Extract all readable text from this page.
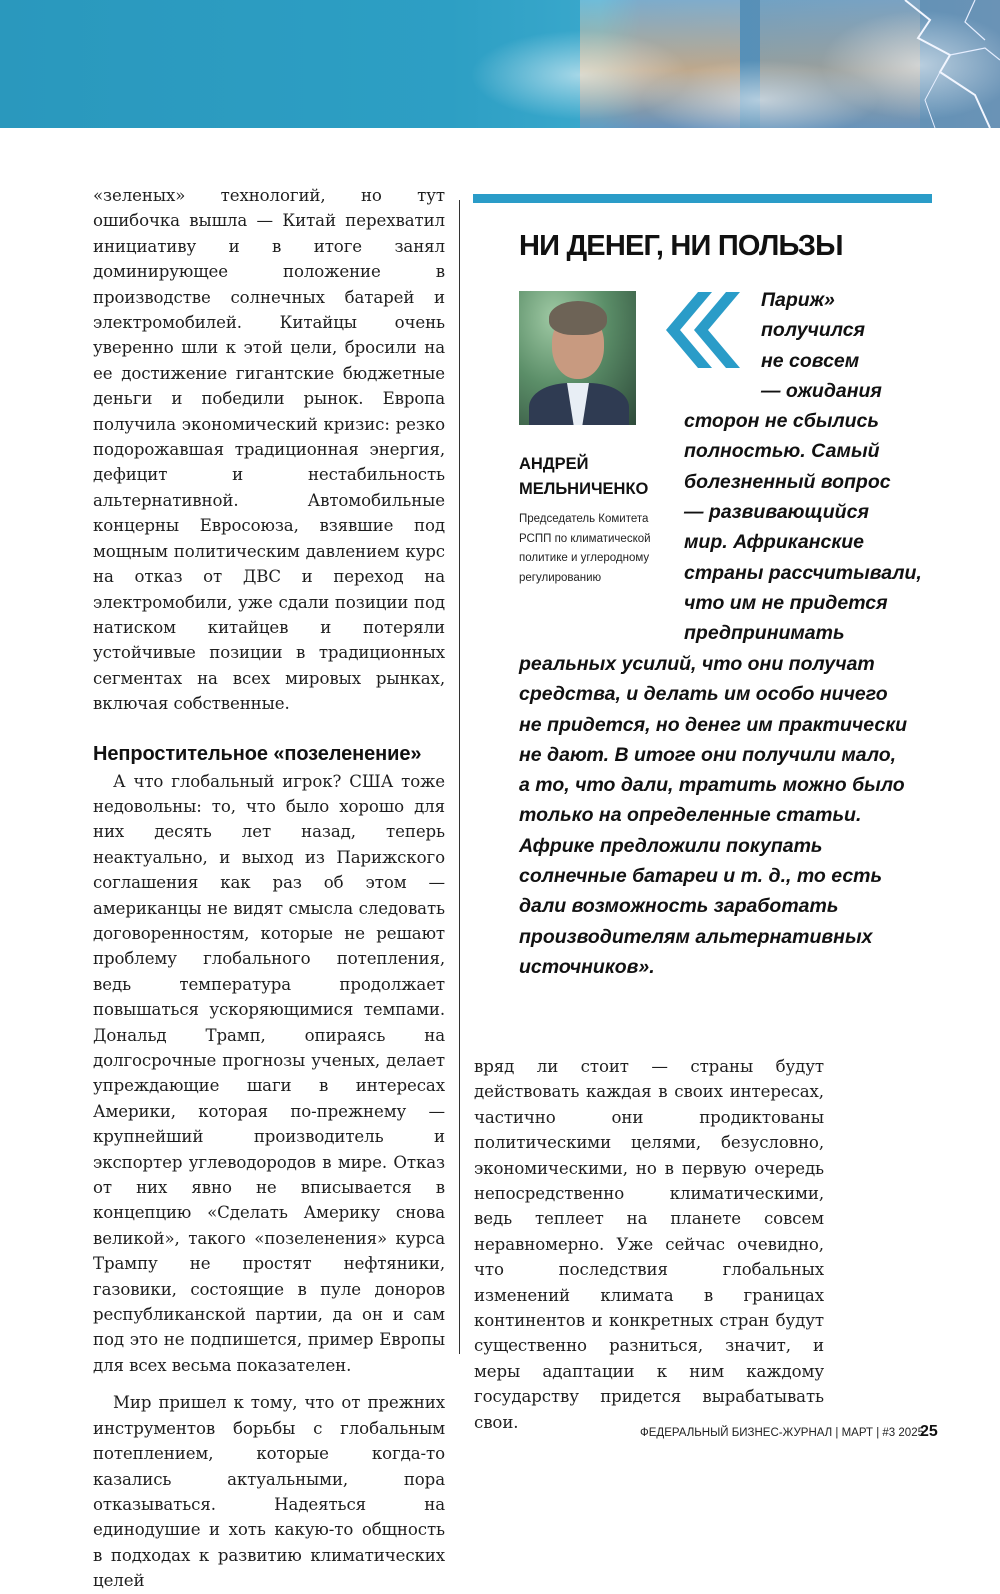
«зеленых» технологий, но тут ошибочка вышла — Китай перехватил инициативу и в итоге занял доминирующее положение в производстве солнечных батарей и электромобилей. Китайцы очень уверенно шли к этой цели, бросили на ее достижение гигантские бюджетные деньги и победили рынок. Европа получила экономический кризис: резко подорожавшая традиционная энергия, дефицит и нестабильность альтернативной. Автомобильные концерны Евросоюза, взявшие под мощным политическим давлением курс на отказ от ДВС и переход на электромобили, уже сдали позиции под натиском китайцев и потеряли устойчивые позиции в традиционных сегментах на всех мировых рынках, включая собственные.

Непростительное «позеленение»

А что глобальный игрок? США тоже недовольны: то, что было хорошо для них десять лет назад, теперь неактуально, и выход из Парижского соглашения как раз об этом — американцы не видят смысла следовать договоренностям, которые не решают проблему глобального потепления, ведь температура продолжает повышаться ускоряющимися темпами. Дональд Трамп, опираясь на долгосрочные прогнозы ученых, делает упреждающие шаги в интересах Америки, которая по-прежнему — крупнейший производитель и экспортер углеводородов в мире. Отказ от них явно не вписывается в концепцию «Сделать Америку снова великой», такого «позеленения» курса Трампу не простят нефтяники, газовики, состоящие в пуле доноров республиканской партии, да он и сам под это не подпишется, пример Европы для всех весьма показателен.

Мир пришел к тому, что от прежних инструментов борьбы с глобальным потеплением, которые когда-то казались актуальными, пора отказываться. Надеяться на единодушие и хоть какую-то общность в подходах к развитию климатических целей

НИ ДЕНЕГ, НИ ПОЛЬЗЫ

АНДРЕЙ МЕЛЬНИЧЕНКО

Председатель Комитета РСПП по климатической политике и углеродному регулированию

Париж»
получился
не совсем
— ожидания
сторон не сбылись
полностью. Самый
болезненный вопрос
— развивающийся
мир. Африканские
страны рассчитывали,
что им не придется
предпринимать
реальных усилий, что они получат
средства, и делать им особо ничего
не придется, но денег им практически
не дают. В итоге они получили мало,
а то, что дали, тратить можно было
только на определенные статьи.
Африке предложили покупать
солнечные батареи и т. д., то есть
дали возможность заработать
производителям альтернативных
источников».

вряд ли стоит — страны будут действовать каждая в своих интересах, частично они продиктованы политическими целями, безусловно, экономическими, но в первую очередь непосредственно климатическими, ведь теплеет на планете совсем неравномерно. Уже сейчас очевидно, что последствия глобальных изменений климата в границах континентов и конкретных стран будут существенно разниться, значит, и меры адаптации к ним каждому государству придется вырабатывать свои.

ФЕДЕРАЛЬНЫЙ БИЗНЕС-ЖУРНАЛ | МАРТ | #3 2025
25
